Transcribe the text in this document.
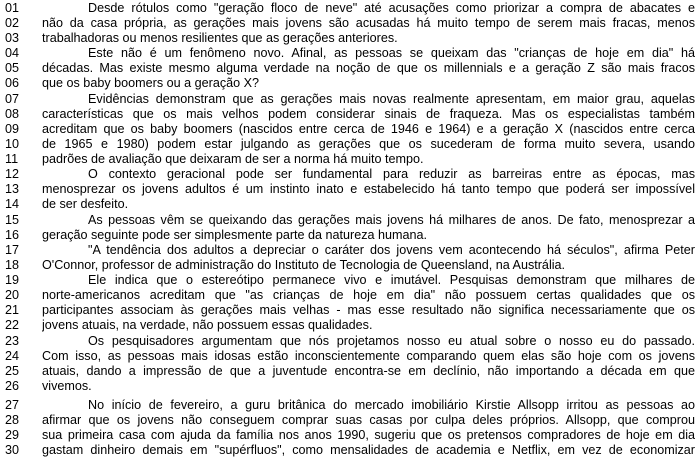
01	Desde rótulos como "geração floco de neve" até acusações como priorizar a compra de abacates e
02	não da casa própria, as gerações mais jovens são acusadas há muito tempo de serem mais fracas, menos
03	trabalhadoras ou menos resilientes que as gerações anteriores.
04	Este não é um fenômeno novo. Afinal, as pessoas se queixam das "crianças de hoje em dia" há
05	décadas. Mas existe mesmo alguma verdade na noção de que os millennials e a geração Z são mais fracos
06	que os baby boomers ou a geração X?
07	Evidências demonstram que as gerações mais novas realmente apresentam, em maior grau, aquelas
08	características que os mais velhos podem considerar sinais de fraqueza. Mas os especialistas também
09	acreditam que os baby boomers (nascidos entre cerca de 1946 e 1964) e a geração X (nascidos entre cerca
10	de 1965 e 1980) podem estar julgando as gerações que os sucederam de forma muito severa, usando
11	padrões de avaliação que deixaram de ser a norma há muito tempo.
12	O contexto geracional pode ser fundamental para reduzir as barreiras entre as épocas, mas
13	menosprezar os jovens adultos é um instinto inato e estabelecido há tanto tempo que poderá ser impossível
14	de ser desfeito.
15	As pessoas vêm se queixando das gerações mais jovens há milhares de anos. De fato, menosprezar a
16	geração seguinte pode ser simplesmente parte da natureza humana.
17	"A tendência dos adultos a depreciar o caráter dos jovens vem acontecendo há séculos", afirma Peter
18	O'Connor, professor de administração do Instituto de Tecnologia de Queensland, na Austrália.
19	Ele indica que o estereótipo permanece vivo e imutável. Pesquisas demonstram que milhares de
20	norte-americanos acreditam que "as crianças de hoje em dia" não possuem certas qualidades que os
21	participantes associam às gerações mais velhas - mas esse resultado não significa necessariamente que os
22	jovens atuais, na verdade, não possuem essas qualidades.
23	Os pesquisadores argumentam que nós projetamos nosso eu atual sobre o nosso eu do passado.
24	Com isso, as pessoas mais idosas estão inconscientemente comparando quem elas são hoje com os jovens
25	atuais, dando a impressão de que a juventude encontra-se em declínio, não importando a década em que
26	vivemos.
27	No início de fevereiro, a guru britânica do mercado imobiliário Kirstie Allsopp irritou as pessoas ao
28	afirmar que os jovens não conseguem comprar suas casas por culpa deles próprios. Allsopp, que comprou
29	sua primeira casa com ajuda da família nos anos 1990, sugeriu que os pretensos compradores de hoje em dia
30	gastam dinheiro demais em "supérfluos", como mensalidades de academia e Netflix, em vez de economizar
